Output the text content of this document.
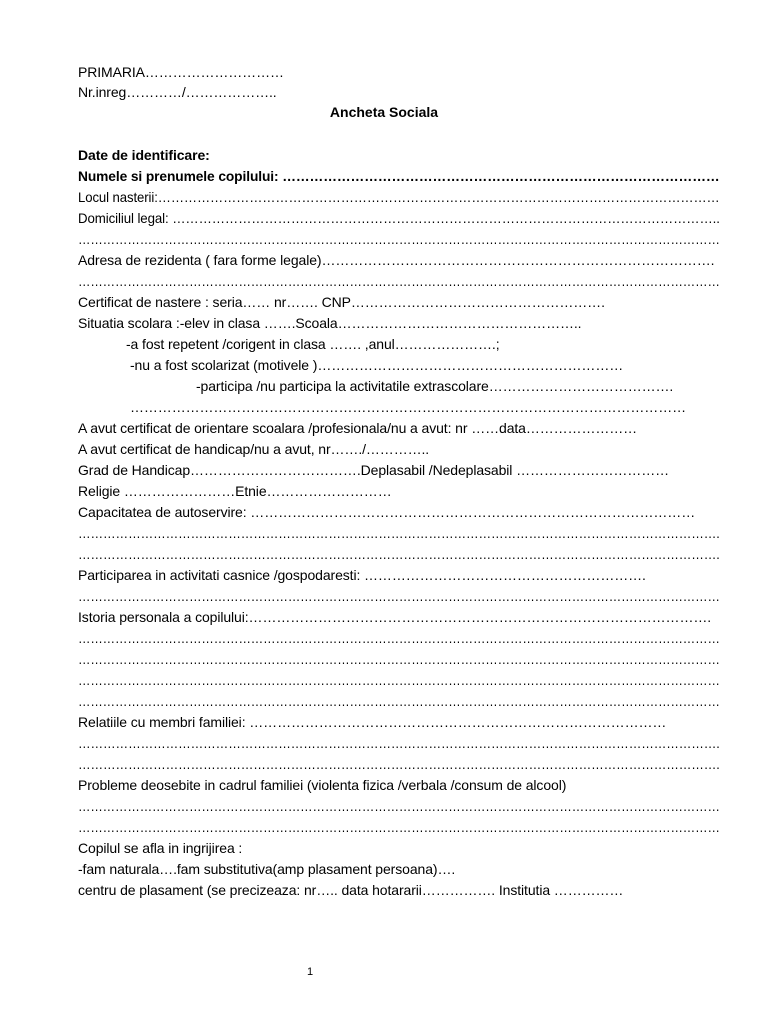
PRIMARIA…………………………
Nr.inreg…………/………………..
Ancheta Sociala
Date de identificare:
Numele si prenumele copilului: ……………………………………………………………………………………
Locul nasterii:…………………………………………………………………………………………………………………
Domiciliul legal: ……………………………………………………………………………………………………………..
…………………………………………………………………………………………………………………………………………
Adresa de rezidenta ( fara forme legale)………………………………………………………………………….
…………………………………………………………………………………………………………………………………………
Certificat de nastere : seria…… nr……. CNP……………………………………………….
Situatia scolara :-elev in clasa …….Scoala……………………………………………..
-a fost repetent /corigent in clasa ……. ,anul………………….;
-nu a fost scolarizat (motivele )…………………………………………………………
-participa /nu participa la activitatile extrascolare………………………………….
…………………………………………………………………………………………………………
A avut certificat de orientare scoalara /profesionala/nu a avut: nr ……data……………………
A avut certificat de handicap/nu a avut, nr……./…………..
Grad de Handicap……………………………….Deplasabil /Nedeplasabil ……………………………
Religie ……………………Etnie………………………
Capacitatea de autoservire: ……………………………………………………………………………………
……………………………………………………………………………………………………………………………………….
……………………………………………………………………………………………………………………………………….
Participarea in activitati casnice /gospodaresti: …………………………………………………….
…………………………………………………………………………………………………………………………………………
Istoria personala a copilului:……………………………………………………………………………………….
…………………………………………………………………………………………………………………………………………
…………………………………………………………………………………………………………………………………………
…………………………………………………………………………………………………………………………………………
…………………………………………………………………………………………………………………………………………
Relatiile cu membri familiei: ………………………………………………………………………………
……………………………………………………………………………………………………………………………………….
……………………………………………………………………………………………………………………………………….
Probleme deosebite in cadrul familiei (violenta fizica /verbala /consum de alcool)
…………………………………………………………………………………………………………………………………………
…………………………………………………………………………………………………………………………………………
Copilul se afla in ingrijirea :
-fam naturala….fam substitutiva(amp plasament persoana)….
centru de plasament (se precizeaza: nr….. data hotararii……………. Institutia ……………
1
